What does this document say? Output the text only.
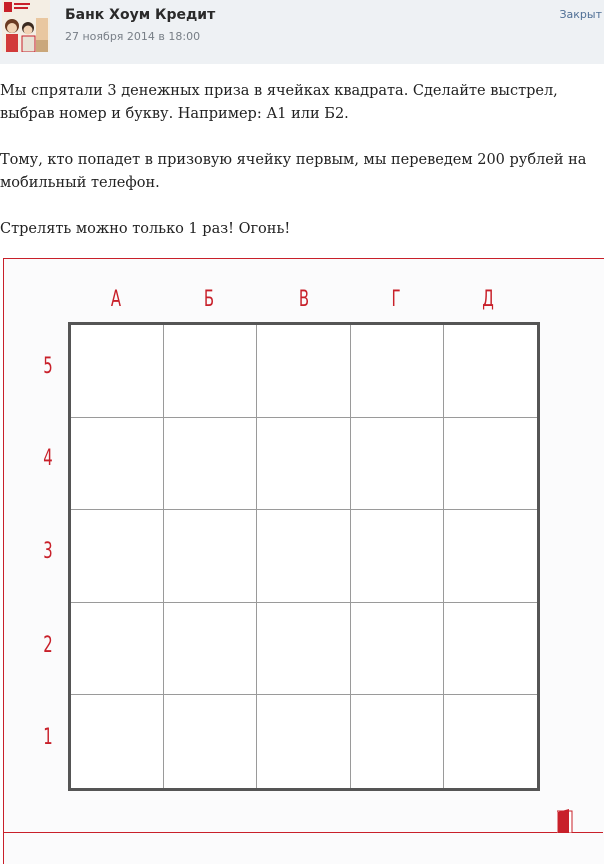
Банк Хоум Кредит
27 ноября 2014 в 18:00
Закрыт

Мы спрятали 3 денежных приза в ячейках квадрата. Сделайте выстрел, выбрав номер и букву. Например: А1 или Б2.

Тому, кто попадет в призовую ячейку первым, мы переведем 200 рублей на мобильный телефон.

Стрелять можно только 1 раз! Огонь!

А	Б	В	Г	Д
5
4
3
2
1
